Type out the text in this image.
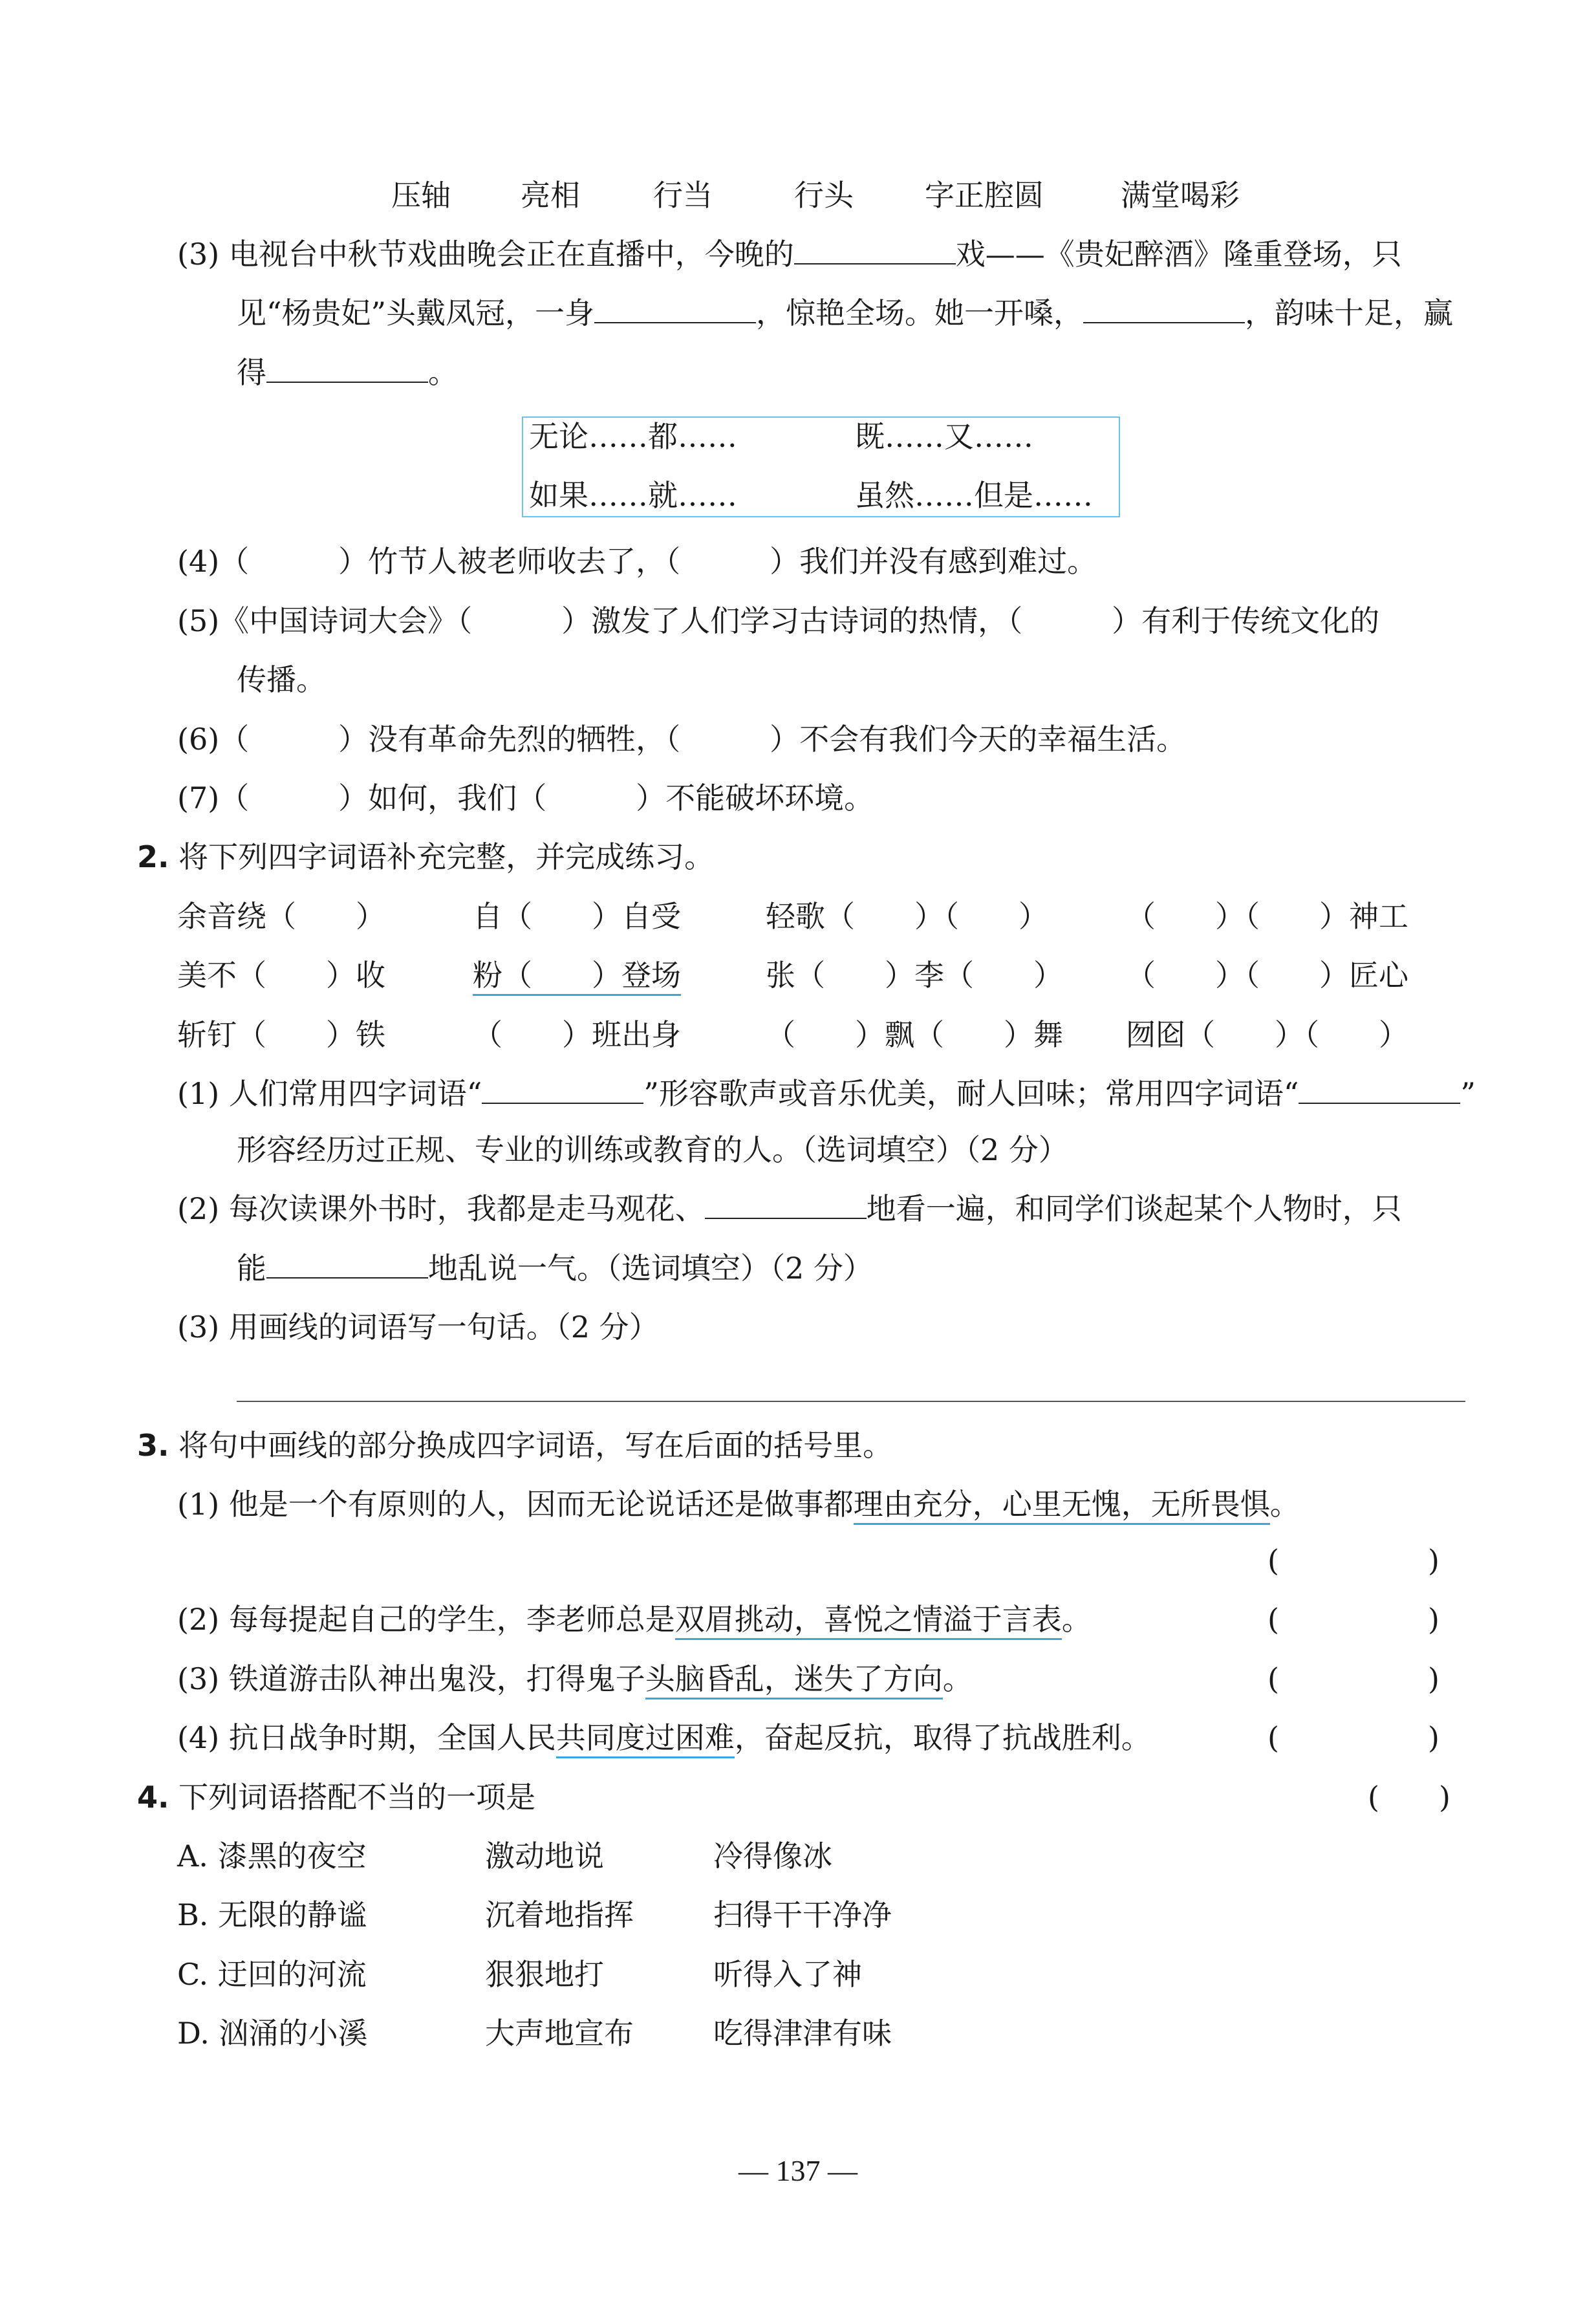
压轴 亮相 行当	行头 字正腔圆	满堂喝彩
(3) 电视台中秋节戏曲晚会正在直播中，今晚的	戏——《贵妃醉酒》隆重登场，只
见“杨贵妃”头戴凤冠，一身	，惊艳全场。她一开嗓，	，韵味十足，赢
得	。
无论……都……	既……又……
如果……就……	虽然……但是……
(4)（　　　）竹节人被老师收去了，（　　　）我们并没有感到难过。
(5)《中国诗词大会》（　　　）激发了人们学习古诗词的热情，（　　　）有利于传统文化的
传播。
(6)（　　　）没有革命先烈的牺牲，（　　　）不会有我们今天的幸福生活。
(7)（　　　）如何，我们（　　　）不能破坏环境。
2. 将下列四字词语补充完整，并完成练习。
余音绕（　　）	自（　　）自受	轻歌（　　）（　　）	（　　）（　　）神工
美不（　　）收	粉（　　）登场	张（　　）李（　　） （　　）（　　）匠心
斩钉（　　）铁	（　　）班出身	（　　）飘（　　）舞 囫囵（　　）（　　）
(1) 人们常用四字词语“	”形容歌声或音乐优美，耐人回味；常用四字词语“	”
形容经历过正规、专业的训练或教育的人。（选词填空）（2 分）
(2) 每次读课外书时，我都是走马观花、	地看一遍，和同学们谈起某个人物时，只
能	地乱说一气。（选词填空）（2 分）
(3) 用画线的词语写一句话。（2 分）
3. 将句中画线的部分换成四字词语，写在后面的括号里。
(1) 他是一个有原则的人，因而无论说话还是做事都理由充分，心里无愧，无所畏惧。
(　　　　　)
(2) 每每提起自己的学生，李老师总是双眉挑动，喜悦之情溢于言表。	(　　　　　)
(3) 铁道游击队神出鬼没，打得鬼子头脑昏乱，迷失了方向。	(　　　　　)
(4) 抗日战争时期，全国人民共同度过困难，奋起反抗，取得了抗战胜利。	(　　　　　)
4. 下列词语搭配不当的一项是	(　　)
A. 漆黑的夜空	激动地说	冷得像冰
B. 无限的静谧	沉着地指挥	扫得干干净净
C. 迂回的河流	狠狠地打	听得入了神
D. 汹涌的小溪	大声地宣布	吃得津津有味
— 137 —
